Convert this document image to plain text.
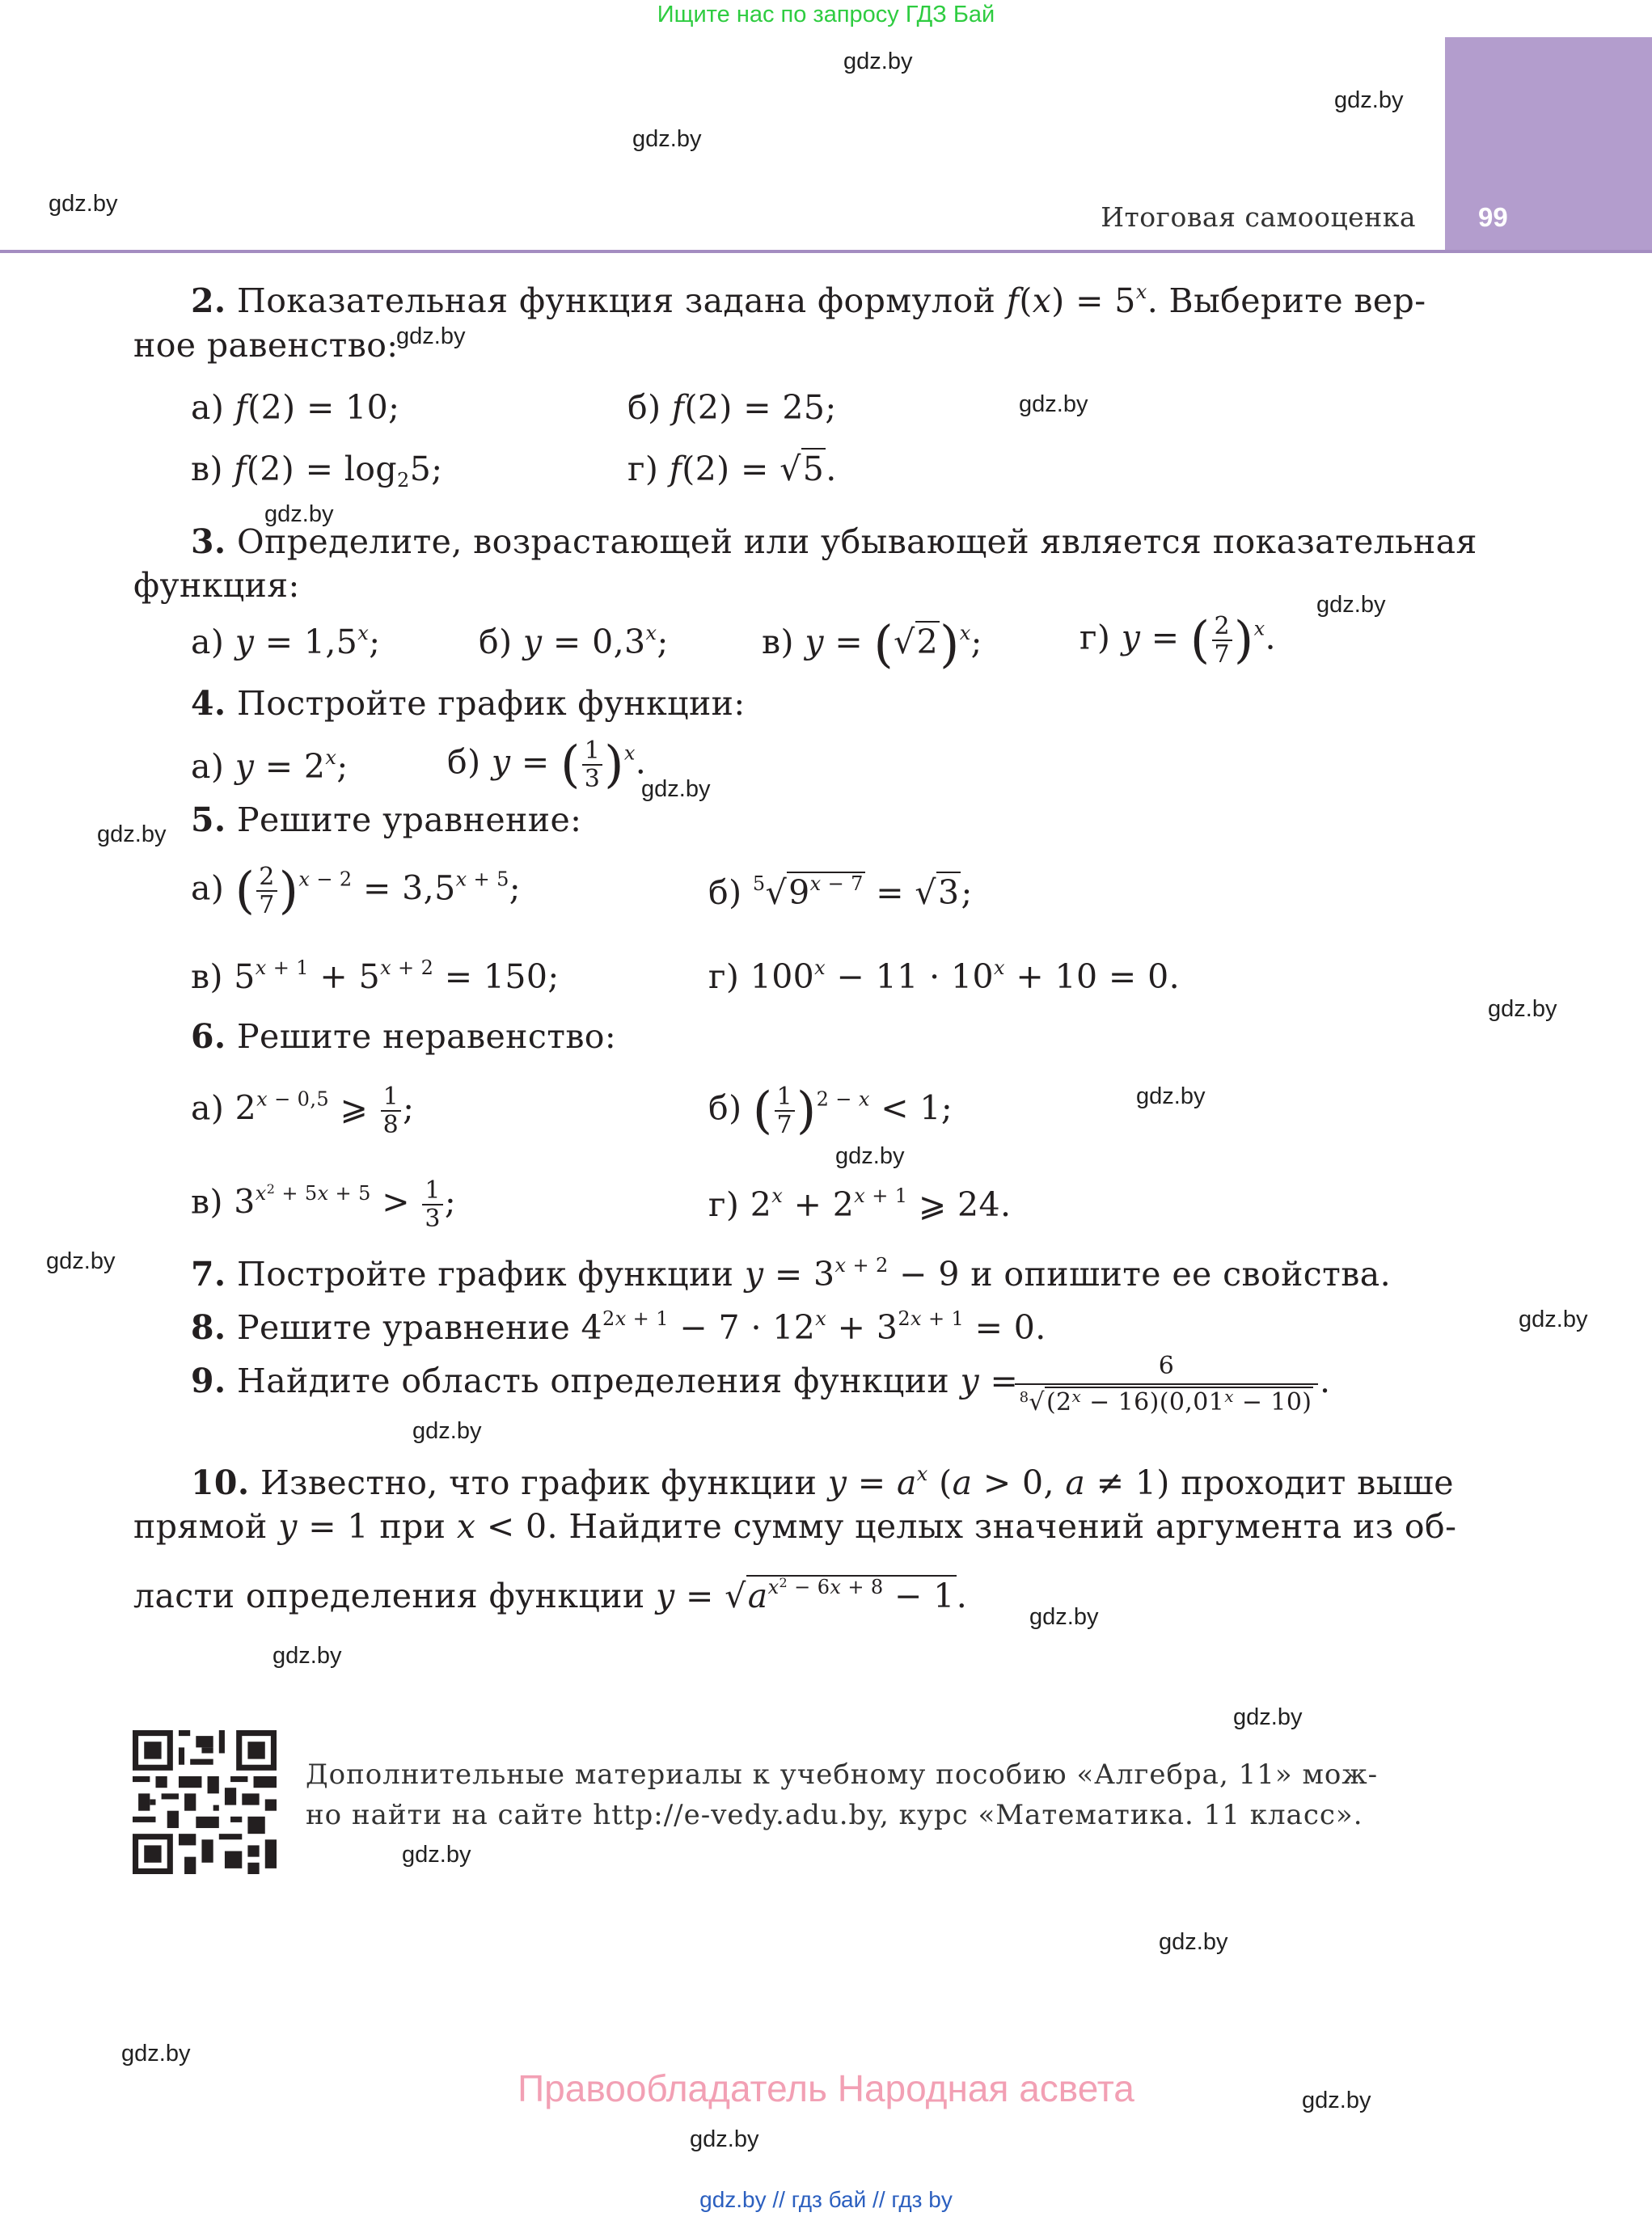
Ищите нас по запросу ГДЗ Бай
gdz.by
gdz.by
gdz.by
gdz.by
gdz.by
gdz.by
gdz.by
gdz.by
gdz.by
gdz.by
gdz.by
gdz.by
gdz.by
gdz.by
gdz.by
gdz.by
gdz.by
gdz.by
gdz.by
gdz.by
gdz.by
gdz.by
gdz.by
gdz.by
99
Итоговая самооценка
2. Показательная функция задана формулой $f(x) = 5^x$. Выберите вер-
ное равенство:
а) f(2) = 10;	б) f(2) = 25;
в) $f(2) = \log_25$;	г) f(2) = √5.
3. Определите, возрастающей или убывающей является показательная
функция:
а) $y = 1,5^x$;	б) $y = 0,3^x$;	в) $y = (√2)^x$;	г) y = ( $\frac{2}{7} )^x$.
4. Постройте график функции:
а) $y = 2^x$;	б) y = ( $\frac{1}{3} )^x$.
5. Решите уравнение:
а) ( $\frac{2}{7} )^{x - 2} = 3,5^{x + 5}$;	б) $^5√9^{x - 7} = √3$;
в) $5^{x + 1} + 5^{x + 2} = 150$;	г) $100^x - 11 \cdot 10^x + 10 = 0$.
6. Решите неравенство:
а) $2^{x - 0,5}$ ⩾ $\frac{1}{8}$ ;	б) ( $\frac{1}{7} )^{2 - x} < 1$;
в) $3^{x^2 + 5x + 5} > \frac{1}{3}$ ;	г) $2^x + 2^{x + 1}$ ⩾ 24.
7. Постройте график функции $y = 3^{x + 2} - 9$ и опишите ее свойства.
8. Решите уравнение $4^{2x + 1} - 7 \cdot 12^x + 3^{2x + 1} = 0$.
9. Найдите область определения функции y =	6
$^8√(2^x - 16)(0,01^x - 10)$
.
10. Известно, что график функции $y = a^x$ (a > 0, a ≠ 1) проходит выше
прямой y = 1 при x < 0. Найдите сумму целых значений аргумента из об-
ласти определения функции $y = √a^{x^2 - 6x + 8} - 1$.
Дополнительные материалы к учебному пособию «Алгебра, 11» мож-
но найти на сайте http://e-vedy.adu.by, курс «Математика. 11 класс».
Правообладатель Народная асвета
gdz.by // гдз бай // гдз by
